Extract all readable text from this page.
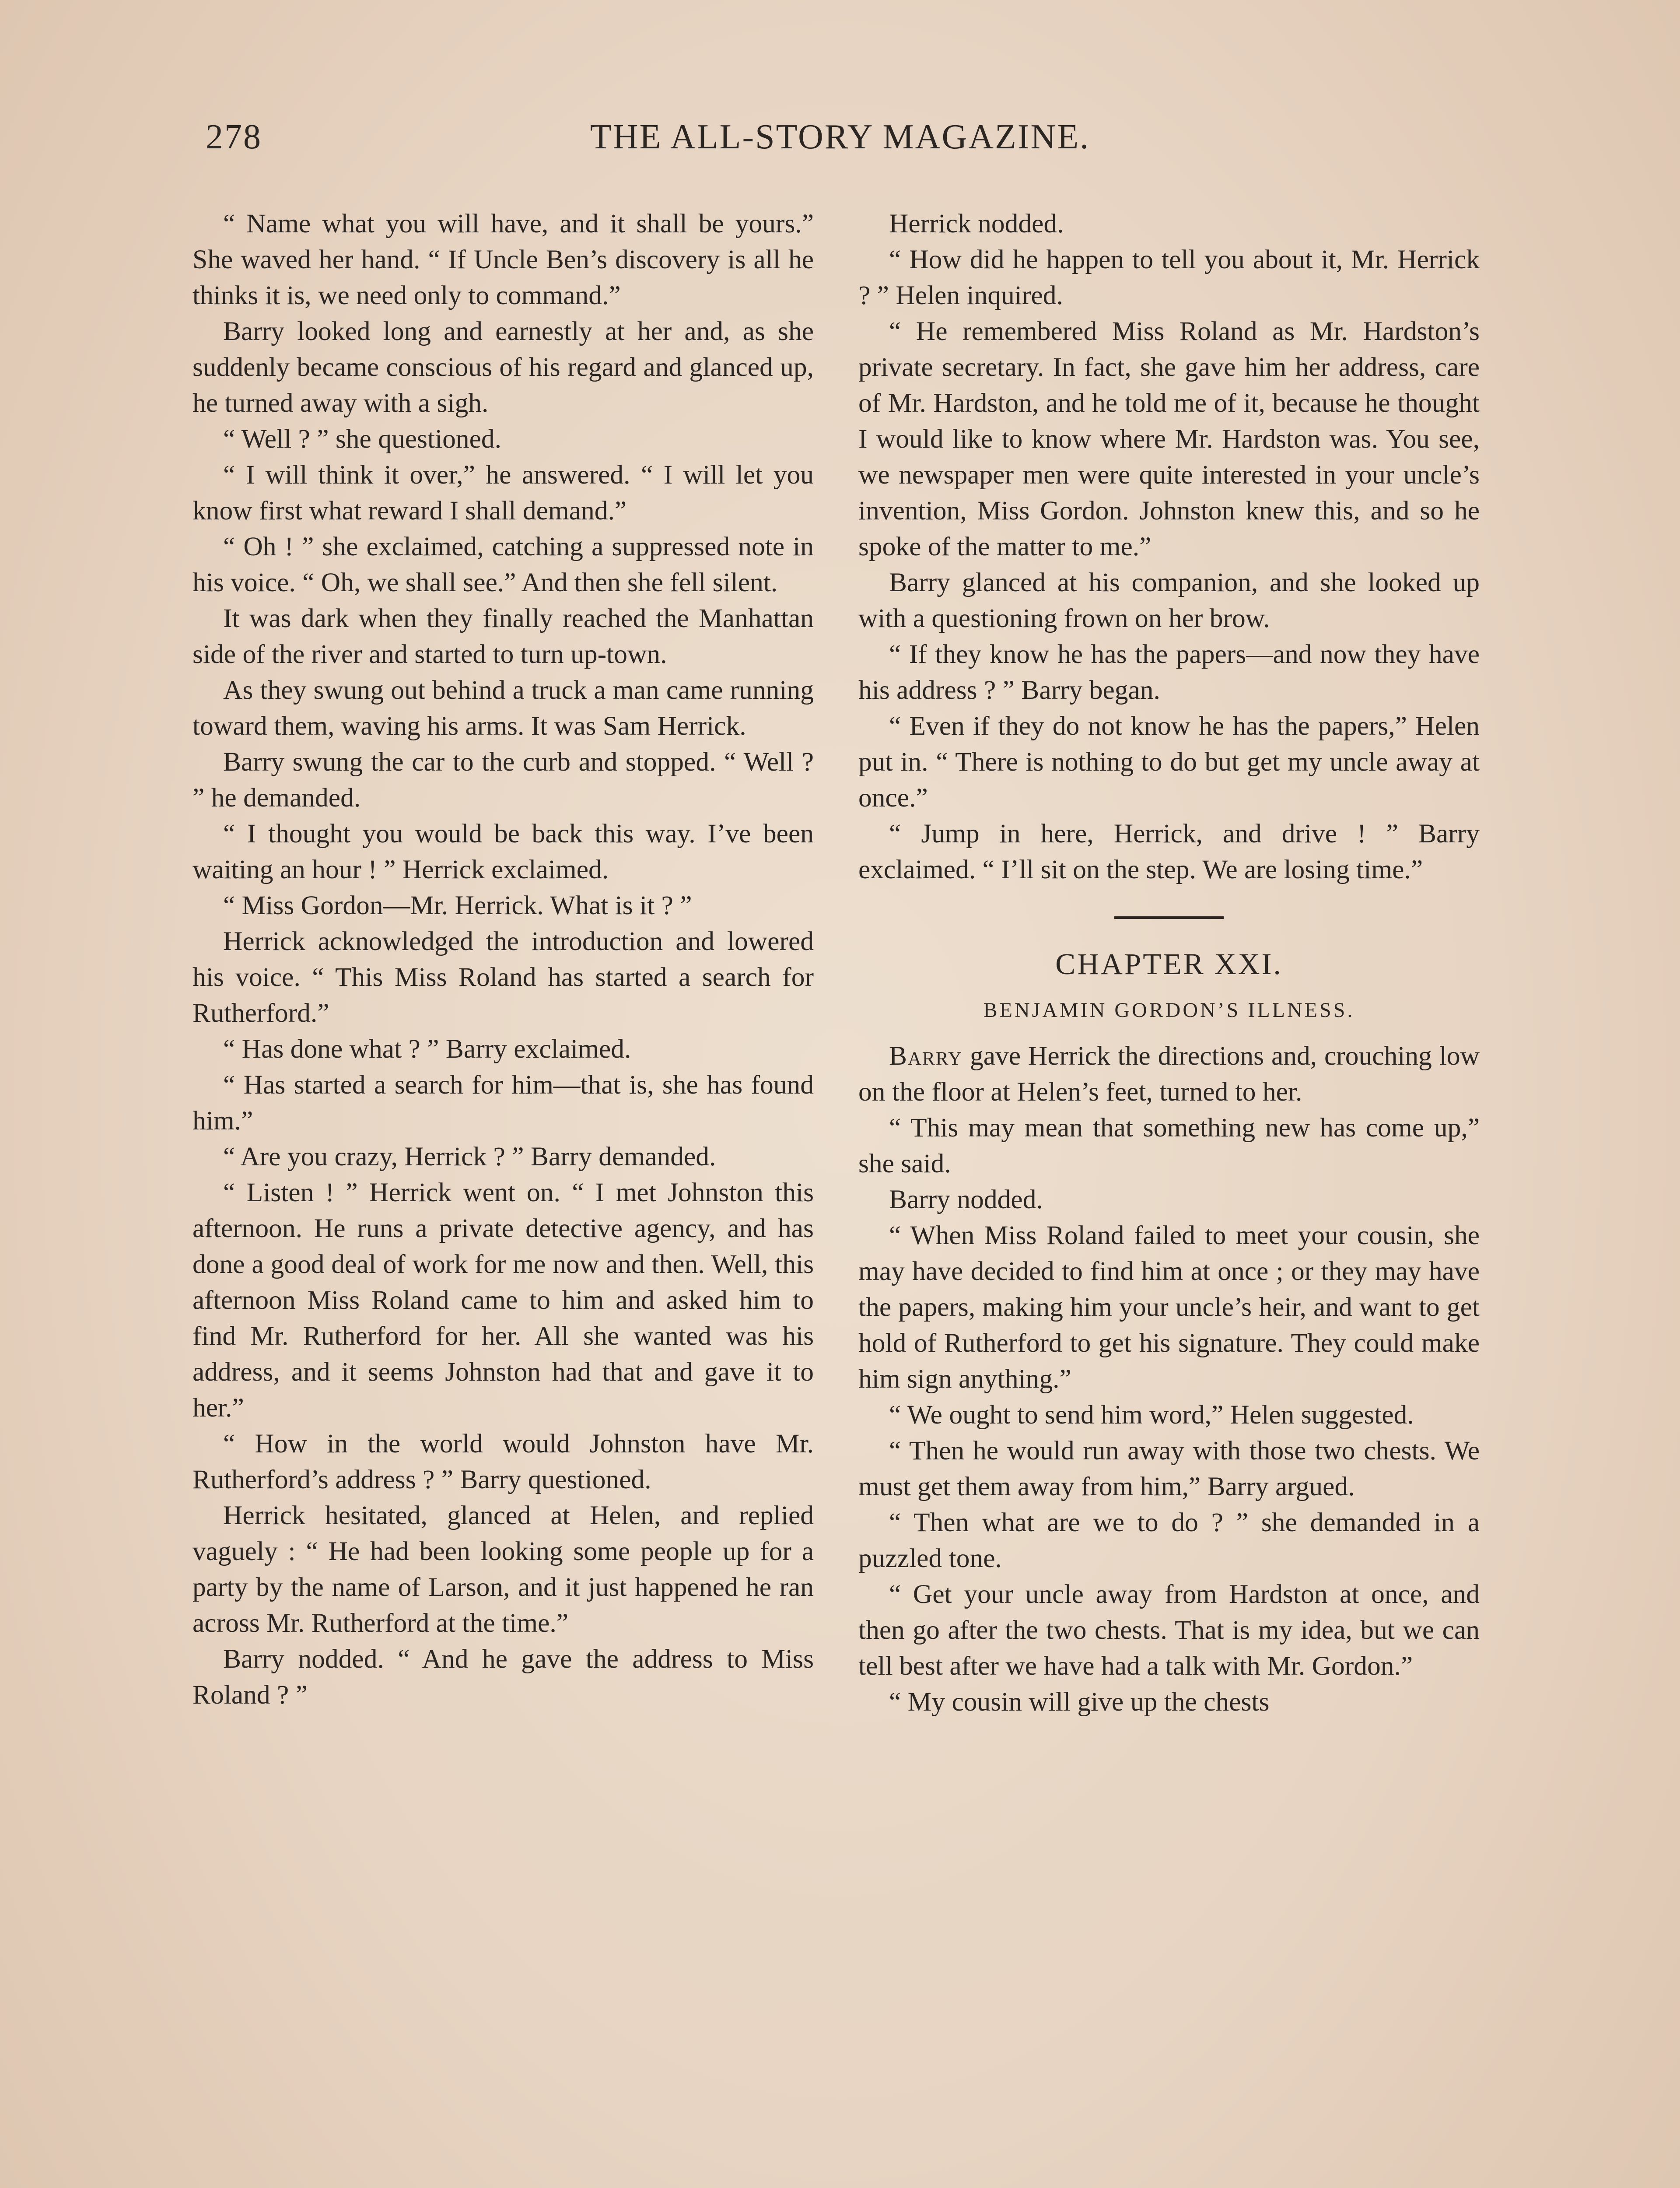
278	THE ALL-STORY MAGAZINE.

“ Name what you will have, and it shall be yours.” She waved her hand. “ If Uncle Ben’s discovery is all he thinks it is, we need only to command.”

Barry looked long and earnestly at her and, as she suddenly became conscious of his regard and glanced up, he turned away with a sigh.

“ Well ? ” she questioned.

“ I will think it over,” he answered. “ I will let you know first what reward I shall demand.”

“ Oh ! ” she exclaimed, catching a suppressed note in his voice. “ Oh, we shall see.” And then she fell silent.

It was dark when they finally reached the Manhattan side of the river and started to turn up-town.

As they swung out behind a truck a man came running toward them, waving his arms. It was Sam Herrick.

Barry swung the car to the curb and stopped. “ Well ? ” he demanded.

“ I thought you would be back this way. I’ve been waiting an hour ! ” Herrick exclaimed.

“ Miss Gordon—Mr. Herrick. What is it ? ”

Herrick acknowledged the introduction and lowered his voice. “ This Miss Roland has started a search for Rutherford.”

“ Has done what ? ” Barry exclaimed.

“ Has started a search for him—that is, she has found him.”

“ Are you crazy, Herrick ? ” Barry demanded.

“ Listen ! ” Herrick went on. “ I met Johnston this afternoon. He runs a private detective agency, and has done a good deal of work for me now and then. Well, this afternoon Miss Roland came to him and asked him to find Mr. Rutherford for her. All she wanted was his address, and it seems Johnston had that and gave it to her.”

“ How in the world would Johnston have Mr. Rutherford’s address ? ” Barry questioned.

Herrick hesitated, glanced at Helen, and replied vaguely : “ He had been looking some people up for a party by the name of Larson, and it just happened he ran across Mr. Rutherford at the time.”

Barry nodded. “ And he gave the address to Miss Roland ? ”

Herrick nodded.

“ How did he happen to tell you about it, Mr. Herrick ? ” Helen inquired.

“ He remembered Miss Roland as Mr. Hardston’s private secretary. In fact, she gave him her address, care of Mr. Hardston, and he told me of it, because he thought I would like to know where Mr. Hardston was. You see, we newspaper men were quite interested in your uncle’s invention, Miss Gordon. Johnston knew this, and so he spoke of the matter to me.”

Barry glanced at his companion, and she looked up with a questioning frown on her brow.

“ If they know he has the papers—and now they have his address ? ” Barry began.

“ Even if they do not know he has the papers,” Helen put in. “ There is nothing to do but get my uncle away at once.”

“ Jump in here, Herrick, and drive ! ” Barry exclaimed. “ I’ll sit on the step. We are losing time.”

CHAPTER XXI.

BENJAMIN GORDON’S ILLNESS.

Barry gave Herrick the directions and, crouching low on the floor at Helen’s feet, turned to her.

“ This may mean that something new has come up,” she said.

Barry nodded.

“ When Miss Roland failed to meet your cousin, she may have decided to find him at once ; or they may have the papers, making him your uncle’s heir, and want to get hold of Rutherford to get his signature. They could make him sign anything.”

“ We ought to send him word,” Helen suggested.

“ Then he would run away with those two chests. We must get them away from him,” Barry argued.

“ Then what are we to do ? ” she demanded in a puzzled tone.

“ Get your uncle away from Hardston at once, and then go after the two chests. That is my idea, but we can tell best after we have had a talk with Mr. Gordon.”

“ My cousin will give up the chests
